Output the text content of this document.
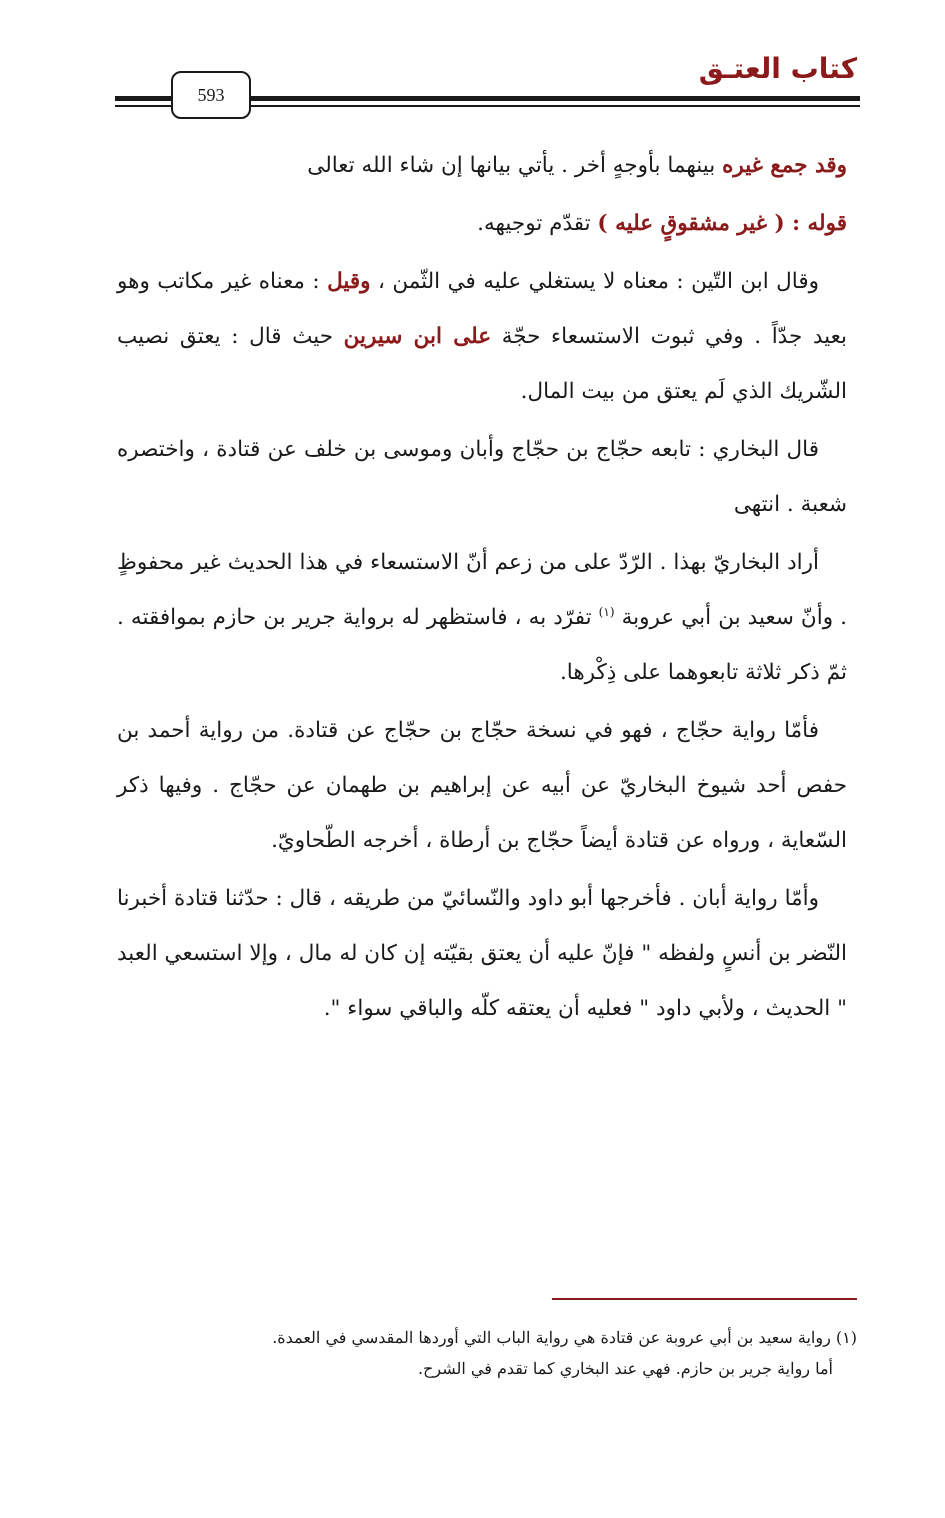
كتاب العتـق
593

وقد جمع غيره بينهما بأوجهٍ أخر . يأتي بيانها إن شاء الله تعالى

قوله : ( غير مشقوقٍ عليه ) تقدّم توجيهه.

وقال ابن التّين : معناه لا يستغلي عليه في الثّمن ، وقيل : معناه غير مكاتب وهو بعيد جدّاً . وفي ثبوت الاستسعاء حجّة على ابن سيرين حيث قال : يعتق نصيب الشّريك الذي لَم يعتق من بيت المال.

قال البخاري : تابعه حجّاج بن حجّاج وأبان وموسى بن خلف عن قتادة ، واختصره شعبة . انتهى

أراد البخاريّ بهذا . الرّدّ على من زعم أنّ الاستسعاء في هذا الحديث غير محفوظٍ . وأنّ سعيد بن أبي عروبة $^{(١)}$ تفرّد به ، فاستظهر له برواية جرير بن حازم بموافقته . ثمّ ذكر ثلاثة تابعوهما على ذِكْرها.

فأمّا رواية حجّاج ، فهو في نسخة حجّاج بن حجّاج عن قتادة. من رواية أحمد بن حفص أحد شيوخ البخاريّ عن أبيه عن إبراهيم بن طهمان عن حجّاج . وفيها ذكر السّعاية ، ورواه عن قتادة أيضاً حجّاج بن أرطاة ، أخرجه الطّحاويّ.

وأمّا رواية أبان . فأخرجها أبو داود والنّسائيّ من طريقه ، قال : حدّثنا قتادة أخبرنا النّضر بن أنسٍ ولفظه " فإنّ عليه أن يعتق بقيّته إن كان له مال ، وإلا استسعي العبد " الحديث ، ولأبي داود " فعليه أن يعتقه كلّه والباقي سواء ".

(١) رواية سعيد بن أبي عروبة عن قتادة هي رواية الباب التي أوردها المقدسي في العمدة.
أما رواية جرير بن حازم. فهي عند البخاري كما تقدم في الشرح.
